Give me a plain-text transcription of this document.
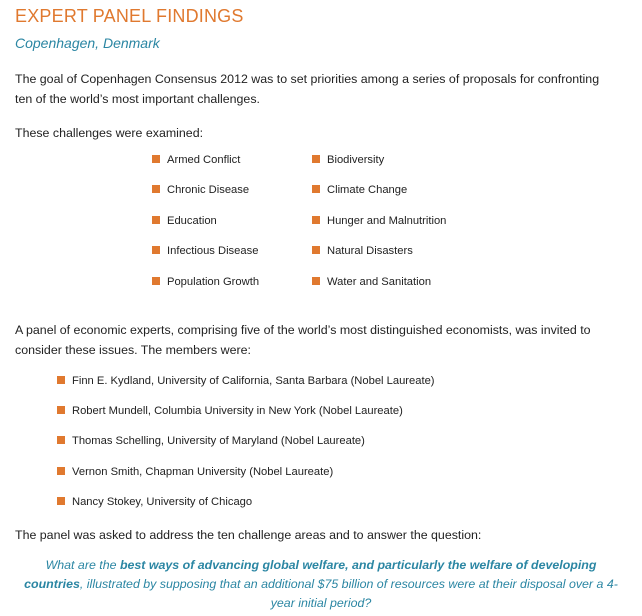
EXPERT PANEL FINDINGS
Copenhagen, Denmark
The goal of Copenhagen Consensus 2012 was to set priorities among a series of proposals for confronting ten of the world’s most important challenges.
These challenges were examined:
Armed Conflict	Biodiversity
Chronic Disease	Climate Change
Education	Hunger and Malnutrition
Infectious Disease	Natural Disasters
Population Growth	Water and Sanitation
A panel of economic experts, comprising five of the world’s most distinguished economists, was invited to consider these issues. The members were:
Finn E. Kydland, University of California, Santa Barbara (Nobel Laureate)
Robert Mundell, Columbia University in New York (Nobel Laureate)
Thomas Schelling, University of Maryland (Nobel Laureate)
Vernon Smith, Chapman University (Nobel Laureate)
Nancy Stokey, University of Chicago
The panel was asked to address the ten challenge areas and to answer the question:
What are the best ways of advancing global welfare, and particularly the welfare of developing countries, illustrated by supposing that an additional $75 billion of resources were at their disposal over a 4-year initial period?
